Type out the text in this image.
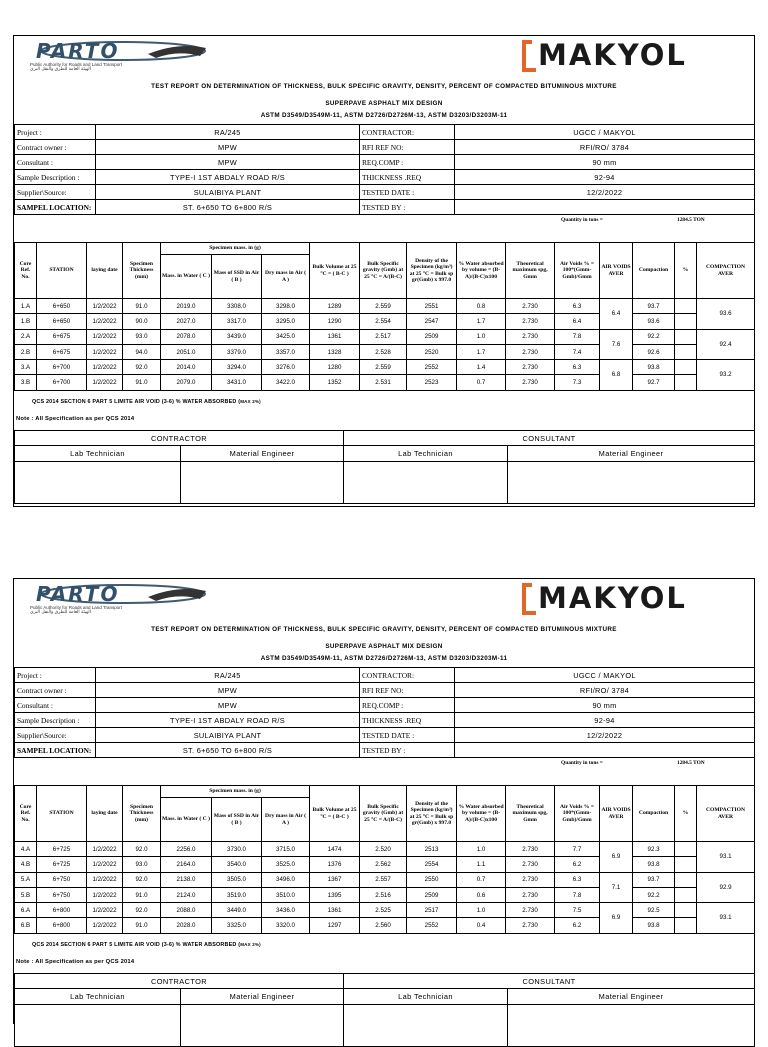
PARTO
Public Authority for Roads and Land Transport
الهيئة العامة للطرق والنقل البري	MAKYOL
TEST REPORT ON DETERMINATION OF THICKNESS, BULK SPECIFIC GRAVITY, DENSITY, PERCENT OF COMPACTED BITUMINOUS MIXTURE
SUPERPAVE ASPHALT MIX DESIGN
ASTM D3549/D3549M-11, ASTM D2726/D2726M-13, ASTM D3203/D3203M-11
Project :	RA/245	CONTRACTOR:	UGCC / MAKYOL
Contract owner :	MPW	RFI REF NO:	RFI/RO/ 3784
Consultant :	MPW	REQ.COMP :	90 mm
Sample Description :	TYPE-I 1ST ABDALY ROAD R/S	THICKNESS .REQ	92-94
Supplier\Source:	SULAIBIYA PLANT	TESTED DATE :	12/2/2022
SAMPEL LOCATION:	ST. 6+650 TO 6+800 R/S	TESTED BY :	
Quantity in tons =	1284.5 TON
Core Ref. No.	STATION	laying date	Specimen Thickness (mm)	Specimen mass. in (g)			Bulk Volume at 25 °C = ( B-C )	Bulk Specific gravity (Gmb) at 25 °C = A/(B-C)	Density of the Specimen (kg/m³) at 25 °C = Bulk sp gr(Gmb) x 997.0	% Water absorbed by volume = (B-A)/(B-C)x100	Theoretical maximum spg, Gmm	Air Voids % = 100*(Gmm-Gmb)/Gmm	AIR VOIDS AVER	Compaction	%	COMPACTION AVER
				Mass. in Water ( C )	Mass of SSD in Air ( B )	Dry mass in Air ( A )										
1.A	6+650	1/2/2022	91.0	2019.0	3308.0	3298.0	1289	2.559	2551	0.8	2.730	6.3	6.4	93.7		93.6
1.B	6+650	1/2/2022	90.0	2027.0	3317.0	3295.0	1290	2.554	2547	1.7	2.730	6.4		93.6		
2.A	6+675	1/2/2022	93.0	2078.0	3439.0	3425.0	1361	2.517	2509	1.0	2.730	7.8	7.6	92.2		92.4
2.B	6+675	1/2/2022	94.0	2051.0	3379.0	3357.0	1328	2.528	2520	1.7	2.730	7.4		92.6		
3.A	6+700	1/2/2022	92.0	2014.0	3294.0	3276.0	1280	2.559	2552	1.4	2.730	6.3	6.8	93.8		93.2
3.B	6+700	1/2/2022	91.0	2079.0	3431.0	3422.0	1352	2.531	2523	0.7	2.730	7.3		92.7		
QCS 2014 SECTION 6 PART 5 LIMITE AIR VOID (3-6) % WATER ABSORBED (MAX 2%)
Note : All Specification as per QCS 2014
CONTRACTOR		CONSULTANT	
Lab Technician	Material Engineer	Lab Technician	Material Engineer

PARTO
Public Authority for Roads and Land Transport
الهيئة العامة للطرق والنقل البري	MAKYOL
TEST REPORT ON DETERMINATION OF THICKNESS, BULK SPECIFIC GRAVITY, DENSITY, PERCENT OF COMPACTED BITUMINOUS MIXTURE
SUPERPAVE ASPHALT MIX DESIGN
ASTM D3549/D3549M-11, ASTM D2726/D2726M-13, ASTM D3203/D3203M-11
Project :	RA/245	CONTRACTOR:	UGCC / MAKYOL
Contract owner :	MPW	RFI REF NO:	RFI/RO/ 3784
Consultant :	MPW	REQ.COMP :	90 mm
Sample Description :	TYPE-I 1ST ABDALY ROAD R/S	THICKNESS .REQ	92-94
Supplier\Source:	SULAIBIYA PLANT	TESTED DATE :	12/2/2022
SAMPEL LOCATION:	ST. 6+650 TO 6+800 R/S	TESTED BY :	
Quantity in tons =	1284.5 TON
Core Ref. No.	STATION	laying date	Specimen Thickness (mm)	Specimen mass. in (g)			Bulk Volume at 25 °C = ( B-C )	Bulk Specific gravity (Gmb) at 25 °C = A/(B-C)	Density of the Specimen (kg/m³) at 25 °C = Bulk sp gr(Gmb) x 997.0	% Water absorbed by volume = (B-A)/(B-C)x100	Theoretical maximum spg, Gmm	Air Voids % = 100*(Gmm-Gmb)/Gmm	AIR VOIDS AVER	Compaction	%	COMPACTION AVER
				Mass. in Water ( C )	Mass of SSD in Air ( B )	Dry mass in Air ( A )										
4.A	6+725	1/2/2022	92.0	2256.0	3730.0	3715.0	1474	2.520	2513	1.0	2.730	7.7	6.9	92.3		93.1
4.B	6+725	1/2/2022	93.0	2164.0	3540.0	3525.0	1376	2.562	2554	1.1	2.730	6.2		93.8		
5.A	6+750	1/2/2022	92.0	2138.0	3505.0	3496.0	1367	2.557	2550	0.7	2.730	6.3	7.1	93.7		92.9
5.B	6+750	1/2/2022	91.0	2124.0	3519.0	3510.0	1395	2.516	2509	0.6	2.730	7.8		92.2		
6.A	6+800	1/2/2022	92.0	2088.0	3449.0	3436.0	1361	2.525	2517	1.0	2.730	7.5	6.9	92.5		93.1
6.B	6+800	1/2/2022	91.0	2028.0	3325.0	3320.0	1297	2.560	2552	0.4	2.730	6.2		93.8		
QCS 2014 SECTION 6 PART 5 LIMITE AIR VOID (3-6) % WATER ABSORBED (MAX 2%)
Note : All Specification as per QCS 2014
CONTRACTOR		CONSULTANT	
Lab Technician	Material Engineer	Lab Technician	Material Engineer
